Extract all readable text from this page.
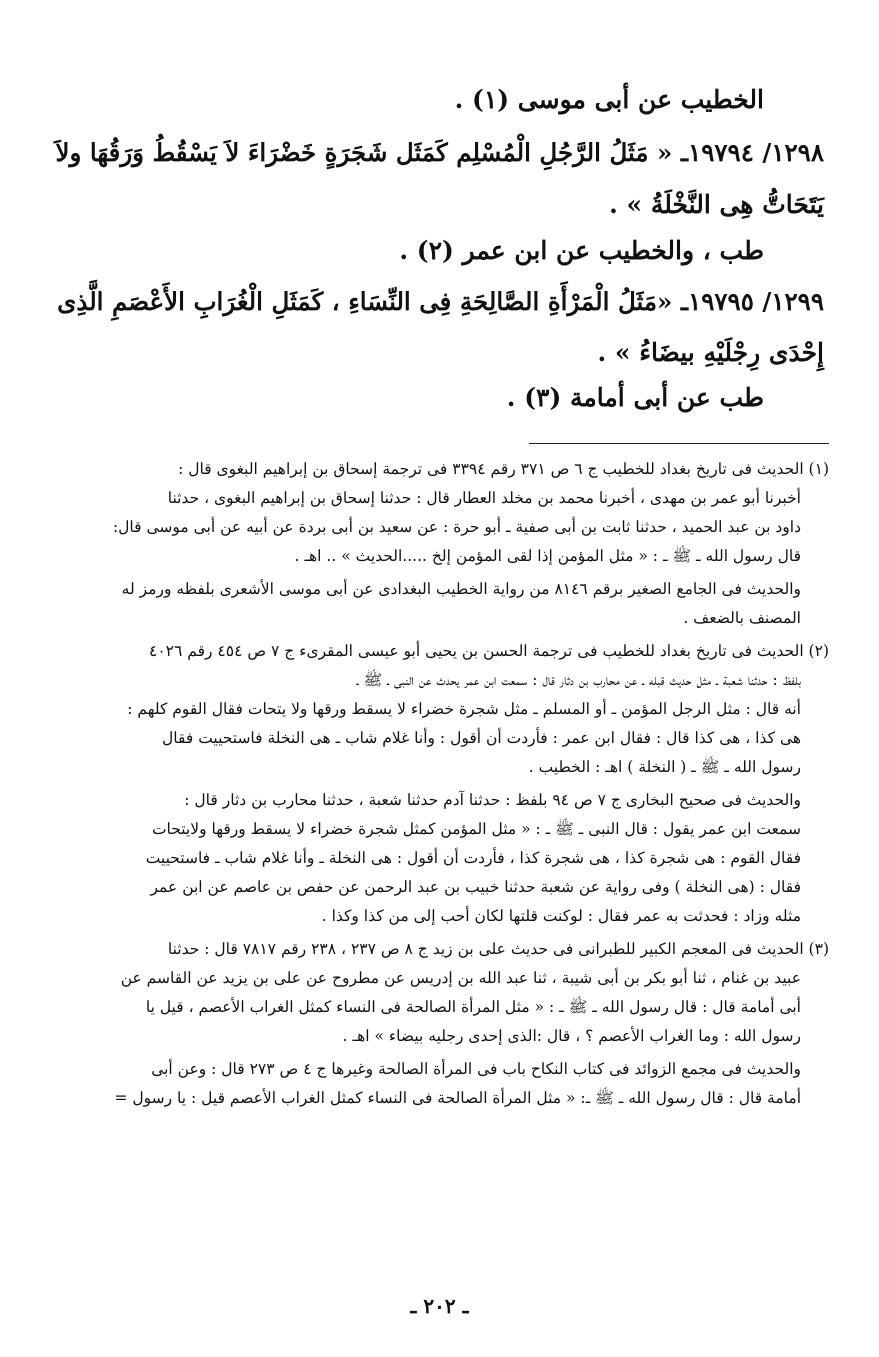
الخطيب عن أبى موسى (١) .
١٢٩٨/ ١٩٧٩٤ـ « مَثَلُ الرَّجُلِ الْمُسْلِم كَمَثَل شَجَرَةٍ خَضْرَاءَ لاَ يَسْقُطُ وَرَقُهَا ولاَ
يَتَحَاتُّ هِى النَّخْلَةُ » .
طب ، والخطيب عن ابن عمر (٢) .
١٢٩٩/ ١٩٧٩٥ـ «مَثَلُ الْمَرْأَةِ الصَّالِحَةِ فِى النِّسَاءِ ، كَمَثَلِ الْغُرَابِ الأَعْصَمِ الَّذِى
إِحْدَى رِجْلَيْهِ بيضَاءُ » .
طب عن أبى أمامة (٣) .
(١) الحديث فى تاريخ بغداد للخطيب ج ٦ ص ٣٧١ رقم ٣٣٩٤ فى ترجمة إسحاق بن إبراهيم البغوى قال :
أخبرنا أبو عمر بن مهدى ، أخبرنا محمد بن مخلد العطار قال : حدثنا إسحاق بن إبراهيم البغوى ، حدثنا
داود بن عبد الحميد ، حدثنا ثابت بن أبى صفية ـ أبو حرة : عن سعيد بن أبى بردة عن أبيه عن أبى موسى قال:
قال رسول الله ـ ﷺ ـ : « مثل المؤمن إذا لقى المؤمن إلخ .....الحديث » .. اهـ .
والحديث فى الجامع الصغير برقم ٨١٤٦ من رواية الخطيب البغدادى عن أبى موسى الأشعرى بلفظه ورمز له
المصنف بالضعف .
(٢) الحديث فى تاريخ بغداد للخطيب فى ترجمة الحسن بن يحيى أبو عيسى المقرىء ج ٧ ص ٤٥٤ رقم ٤٠٢٦
بلفظ : حدثنا شعبة ـ مثل حديث قبله ـ عن محارب بن دثار قال : سمعت ابن عمر يحدث عن النبى ـ ﷺ ـ
أنه قال : مثل الرجل المؤمن ـ أو المسلم ـ مثل شجرة خضراء لا يسقط ورقها ولا يتحات فقال القوم كلهم :
هى كذا ، هى كذا قال : فقال ابن عمر : فأردت أن أقول : وأنا غلام شاب ـ هى النخلة فاستحييت فقال
رسول الله ـ ﷺ ـ ( النخلة ) اهـ : الخطيب .
والحديث فى صحيح البخارى ج ٧ ص ٩٤ بلفظ : حدثنا آدم حدثنا شعبة ، حدثنا محارب بن دثار قال :
سمعت ابن عمر يقول : قال النبى ـ ﷺ ـ : « مثل المؤمن كمثل شجرة خضراء لا يسقط ورقها ولايتحات
فقال القوم : هى شجرة كذا ، هى شجرة كذا ، فأردت أن أقول : هى النخلة ـ وأنا غلام شاب ـ فاستحييت
فقال : (هى النخلة ) وفى رواية عن شعبة حدثنا خبيب بن عبد الرحمن عن حفص بن عاصم عن ابن عمر
مثله وزاد : فحدثت به عمر فقال : لوكنت قلتها لكان أحب إلى من كذا وكذا .
(٣) الحديث فى المعجم الكبير للطبرانى فى حديث على بن زيد ج ٨ ص ٢٣٧ ، ٢٣٨ رقم ٧٨١٧ قال : حدثنا
عبيد بن غنام ، ثنا أبو بكر بن أبى شيبة ، ثنا عبد الله بن إدريس عن مطروح عن على بن يزيد عن القاسم عن
أبى أمامة قال : قال رسول الله ـ ﷺ ـ : « مثل المرأة الصالحة فى النساء كمثل الغراب الأعصم ، قيل يا
رسول الله : وما الغراب الأعصم ؟ ، قال :الذى إحدى رجليه بيضاء » اهـ .
والحديث فى مجمع الزوائد فى كتاب النكاح باب فى المرأة الصالحة وغيرها ج ٤ ص ٢٧٣ قال : وعن أبى
أمامة قال : قال رسول الله ـ ﷺ ـ: « مثل المرأة الصالحة فى النساء كمثل الغراب الأعصم قيل : يا رسول =
ـ ٢٠٢ ـ
